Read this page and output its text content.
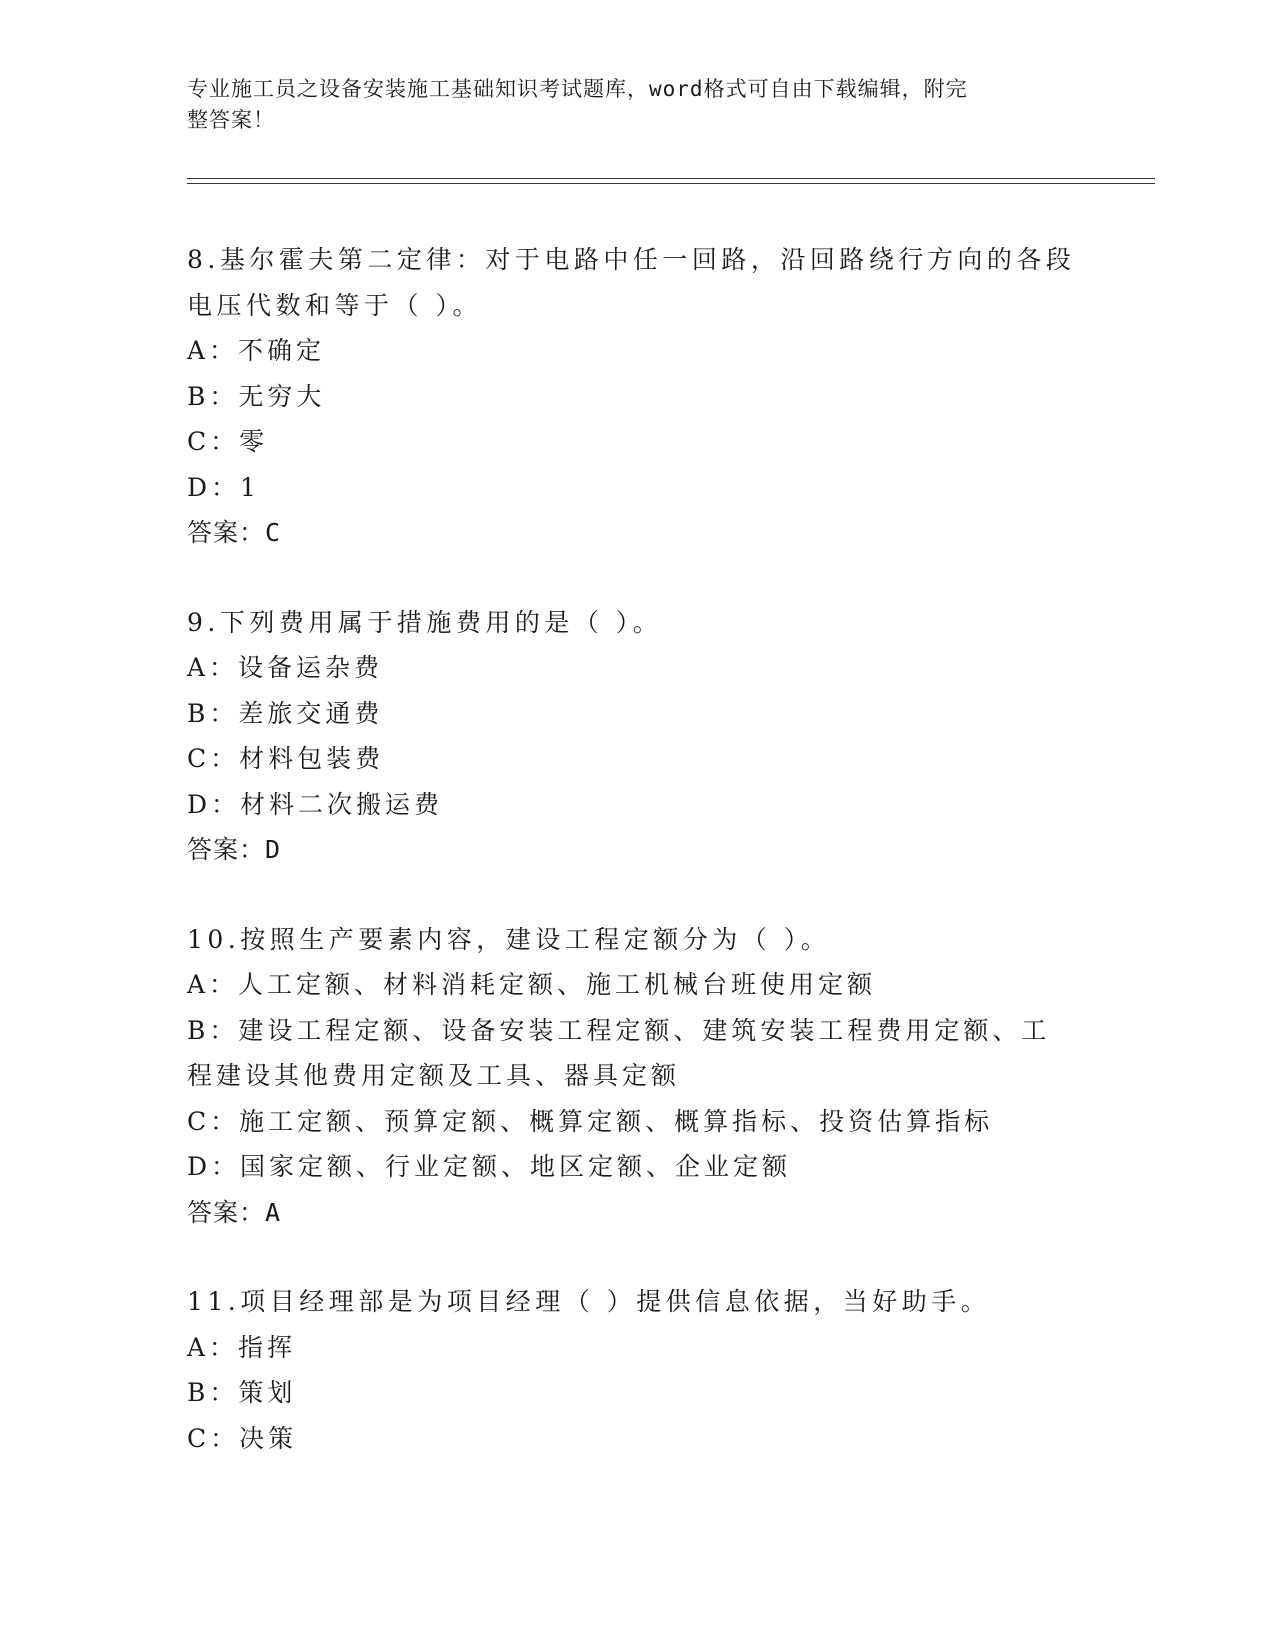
专业施工员之设备安装施工基础知识考试题库，word格式可自由下载编辑，附完
整答案！
8.基尔霍夫第二定律：对于电路中任一回路，沿回路绕行方向的各段电压代数和等于（ ）。
A：不确定
B：无穷大
C：零
D：1
答案：C
9.下列费用属于措施费用的是（ ）。
A：设备运杂费
B：差旅交通费
C：材料包装费
D：材料二次搬运费
答案：D
10.按照生产要素内容，建设工程定额分为（ ）。
A：人工定额、材料消耗定额、施工机械台班使用定额
B：建设工程定额、设备安装工程定额、建筑安装工程费用定额、工程建设其他费用定额及工具、器具定额
C：施工定额、预算定额、概算定额、概算指标、投资估算指标
D：国家定额、行业定额、地区定额、企业定额
答案：A
11.项目经理部是为项目经理（ ）提供信息依据，当好助手。
A：指挥
B：策划
C：决策
